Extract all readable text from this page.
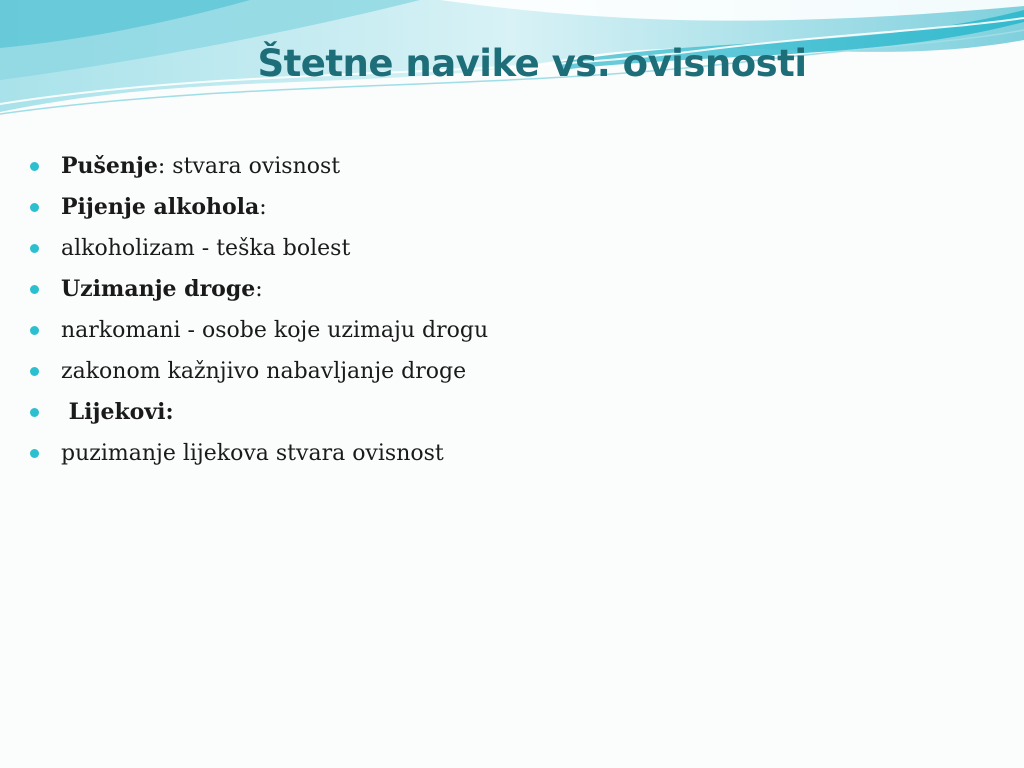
Štetne navike vs. ovisnosti
Pušenje: stvara ovisnost
Pijenje alkohola:
alkoholizam - teška bolest
Uzimanje droge:
narkomani - osobe koje uzimaju drogu
zakonom kažnjivo nabavljanje droge
Lijekovi:
puzimanje lijekova stvara ovisnost
